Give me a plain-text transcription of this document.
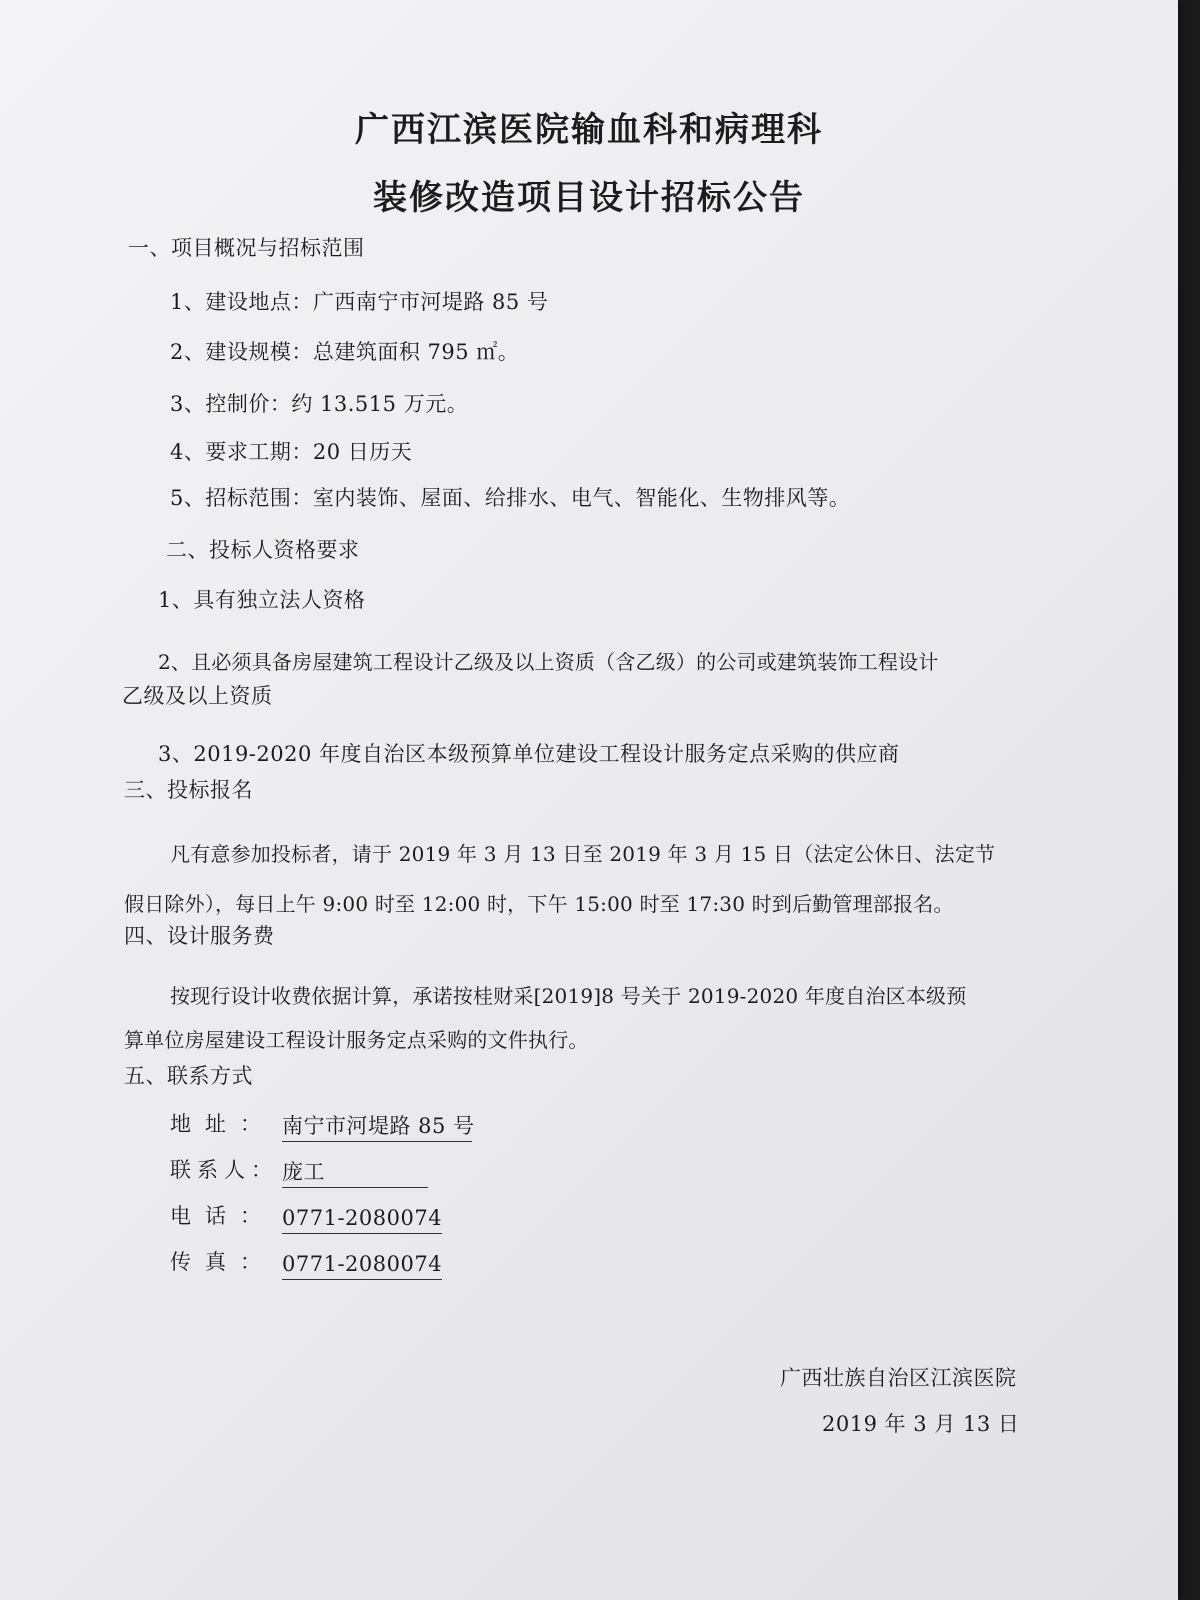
广西江滨医院输血科和病理科
装修改造项目设计招标公告
一、项目概况与招标范围
1、建设地点：广西南宁市河堤路 85 号
2、建设规模：总建筑面积 795 ㎡。
3、控制价：约 13.515 万元。
4、要求工期：20 日历天
5、招标范围：室内装饰、屋面、给排水、电气、智能化、生物排风等。
二、投标人资格要求
1、具有独立法人资格
2、且必须具备房屋建筑工程设计乙级及以上资质（含乙级）的公司或建筑装饰工程设计
乙级及以上资质
3、2019-2020 年度自治区本级预算单位建设工程设计服务定点采购的供应商
三、投标报名
凡有意参加投标者，请于 2019 年 3 月 13 日至 2019 年 3 月 15 日（法定公休日、法定节
假日除外），每日上午 9:00 时至 12:00 时，下午 15:00 时至 17:30 时到后勤管理部报名。
四、设计服务费
按现行设计收费依据计算，承诺按桂财采[2019]8 号关于 2019-2020 年度自治区本级预
算单位房屋建设工程设计服务定点采购的文件执行。
五、联系方式
地址： 南宁市河堤路 85 号
联系人： 庞工
电话： 0771-2080074
传真： 0771-2080074
广西壮族自治区江滨医院
2019 年 3 月 13 日
